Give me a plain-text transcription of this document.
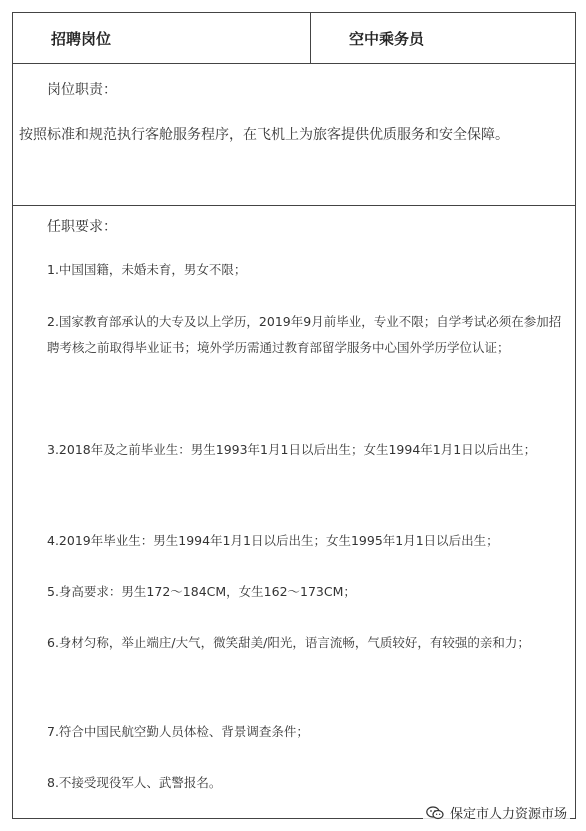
招聘岗位	空中乘务员
岗位职责：
按照标准和规范执行客舱服务程序，在飞机上为旅客提供优质服务和安全保障。
任职要求：
1.中国国籍，未婚未育，男女不限；
2.国家教育部承认的大专及以上学历，2019年9月前毕业，专业不限；自学考试必须在参加招聘考核之前取得毕业证书；境外学历需通过教育部留学服务中心国外学历学位认证；
3.2018年及之前毕业生：男生1993年1月1日以后出生；女生1994年1月1日以后出生；
4.2019年毕业生：男生1994年1月1日以后出生；女生1995年1月1日以后出生；
5.身高要求：男生172～184CM，女生162～173CM；
6.身材匀称，举止端庄/大气，微笑甜美/阳光，语言流畅，气质较好，有较强的亲和力；
7.符合中国民航空勤人员体检、背景调查条件；
8.不接受现役军人、武警报名。
保定市人力资源市场
